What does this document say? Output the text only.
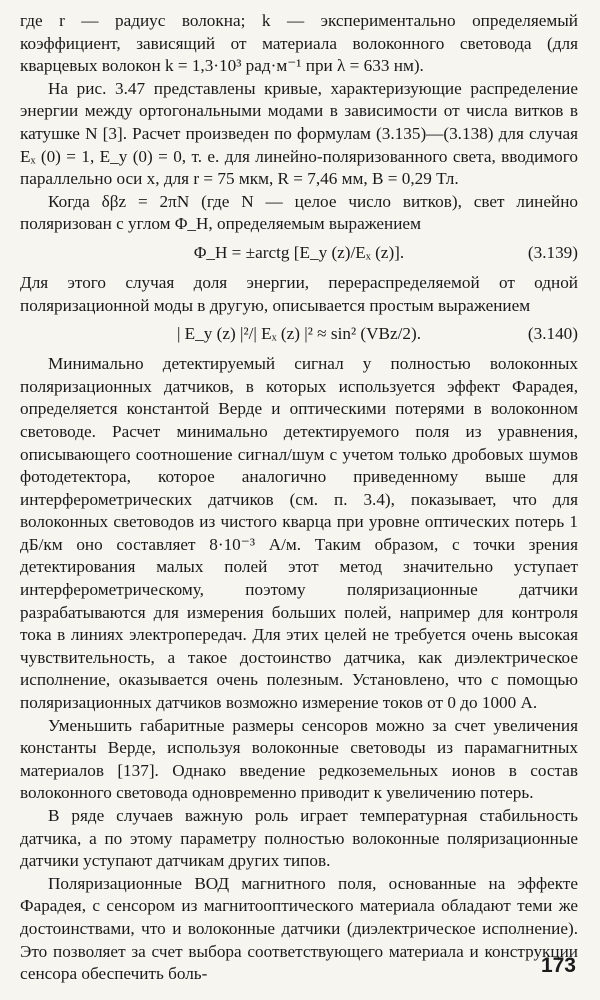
где r — радиус волокна; k — экспериментально определяемый коэффициент, зависящий от материала волоконного световода (для кварцевых волокон k = 1,3·10³ рад·м⁻¹ при λ = 633 нм).

На рис. 3.47 представлены кривые, характеризующие распределение энергии между ортогональными модами в зависимости от числа витков в катушке N [3]. Расчет произведен по формулам (3.135)—(3.138) для случая Eₓ (0) = 1, E_y (0) = 0, т. е. для линейно-поляризованного света, вводимого параллельно оси x, для r = 75 мкм, R = 7,46 мм, B = 0,29 Тл.

Когда δβz = 2πN (где N — целое число витков), свет линейно поляризован с углом Φ_H, определяемым выражением

Φ_H = ±arctg [E_y (z)/Eₓ (z)].	(3.139)

Для этого случая доля энергии, перераспределяемой от одной поляризационной моды в другую, описывается простым выражением

| E_y (z) |²/| Eₓ (z) |² ≈ sin² (VBz/2).	(3.140)

Минимально детектируемый сигнал у полностью волоконных поляризационных датчиков, в которых используется эффект Фарадея, определяется константой Верде и оптическими потерями в волоконном световоде. Расчет минимально детектируемого поля из уравнения, описывающего соотношение сигнал/шум с учетом только дробовых шумов фотодетектора, которое аналогично приведенному выше для интерферометрических датчиков (см. п. 3.4), показывает, что для волоконных световодов из чистого кварца при уровне оптических потерь 1 дБ/км оно составляет 8·10⁻³ А/м. Таким образом, с точки зрения детектирования малых полей этот метод значительно уступает интерферометрическому, поэтому поляризационные датчики разрабатываются для измерения больших полей, например для контроля тока в линиях электропередач. Для этих целей не требуется очень высокая чувствительность, а такое достоинство датчика, как диэлектрическое исполнение, оказывается очень полезным. Установлено, что с помощью поляризационных датчиков возможно измерение токов от 0 до 1000 А.

Уменьшить габаритные размеры сенсоров можно за счет увеличения константы Верде, используя волоконные световоды из парамагнитных материалов [137]. Однако введение редкоземельных ионов в состав волоконного световода одновременно приводит к увеличению потерь.

В ряде случаев важную роль играет температурная стабильность датчика, а по этому параметру полностью волоконные поляризационные датчики уступают датчикам других типов.

Поляризационные ВОД магнитного поля, основанные на эффекте Фарадея, с сенсором из магнитооптического материала обладают теми же достоинствами, что и волоконные датчики (диэлектрическое исполнение). Это позволяет за счет выбора соответствующего материала и конструкции сенсора обеспечить боль-	173
